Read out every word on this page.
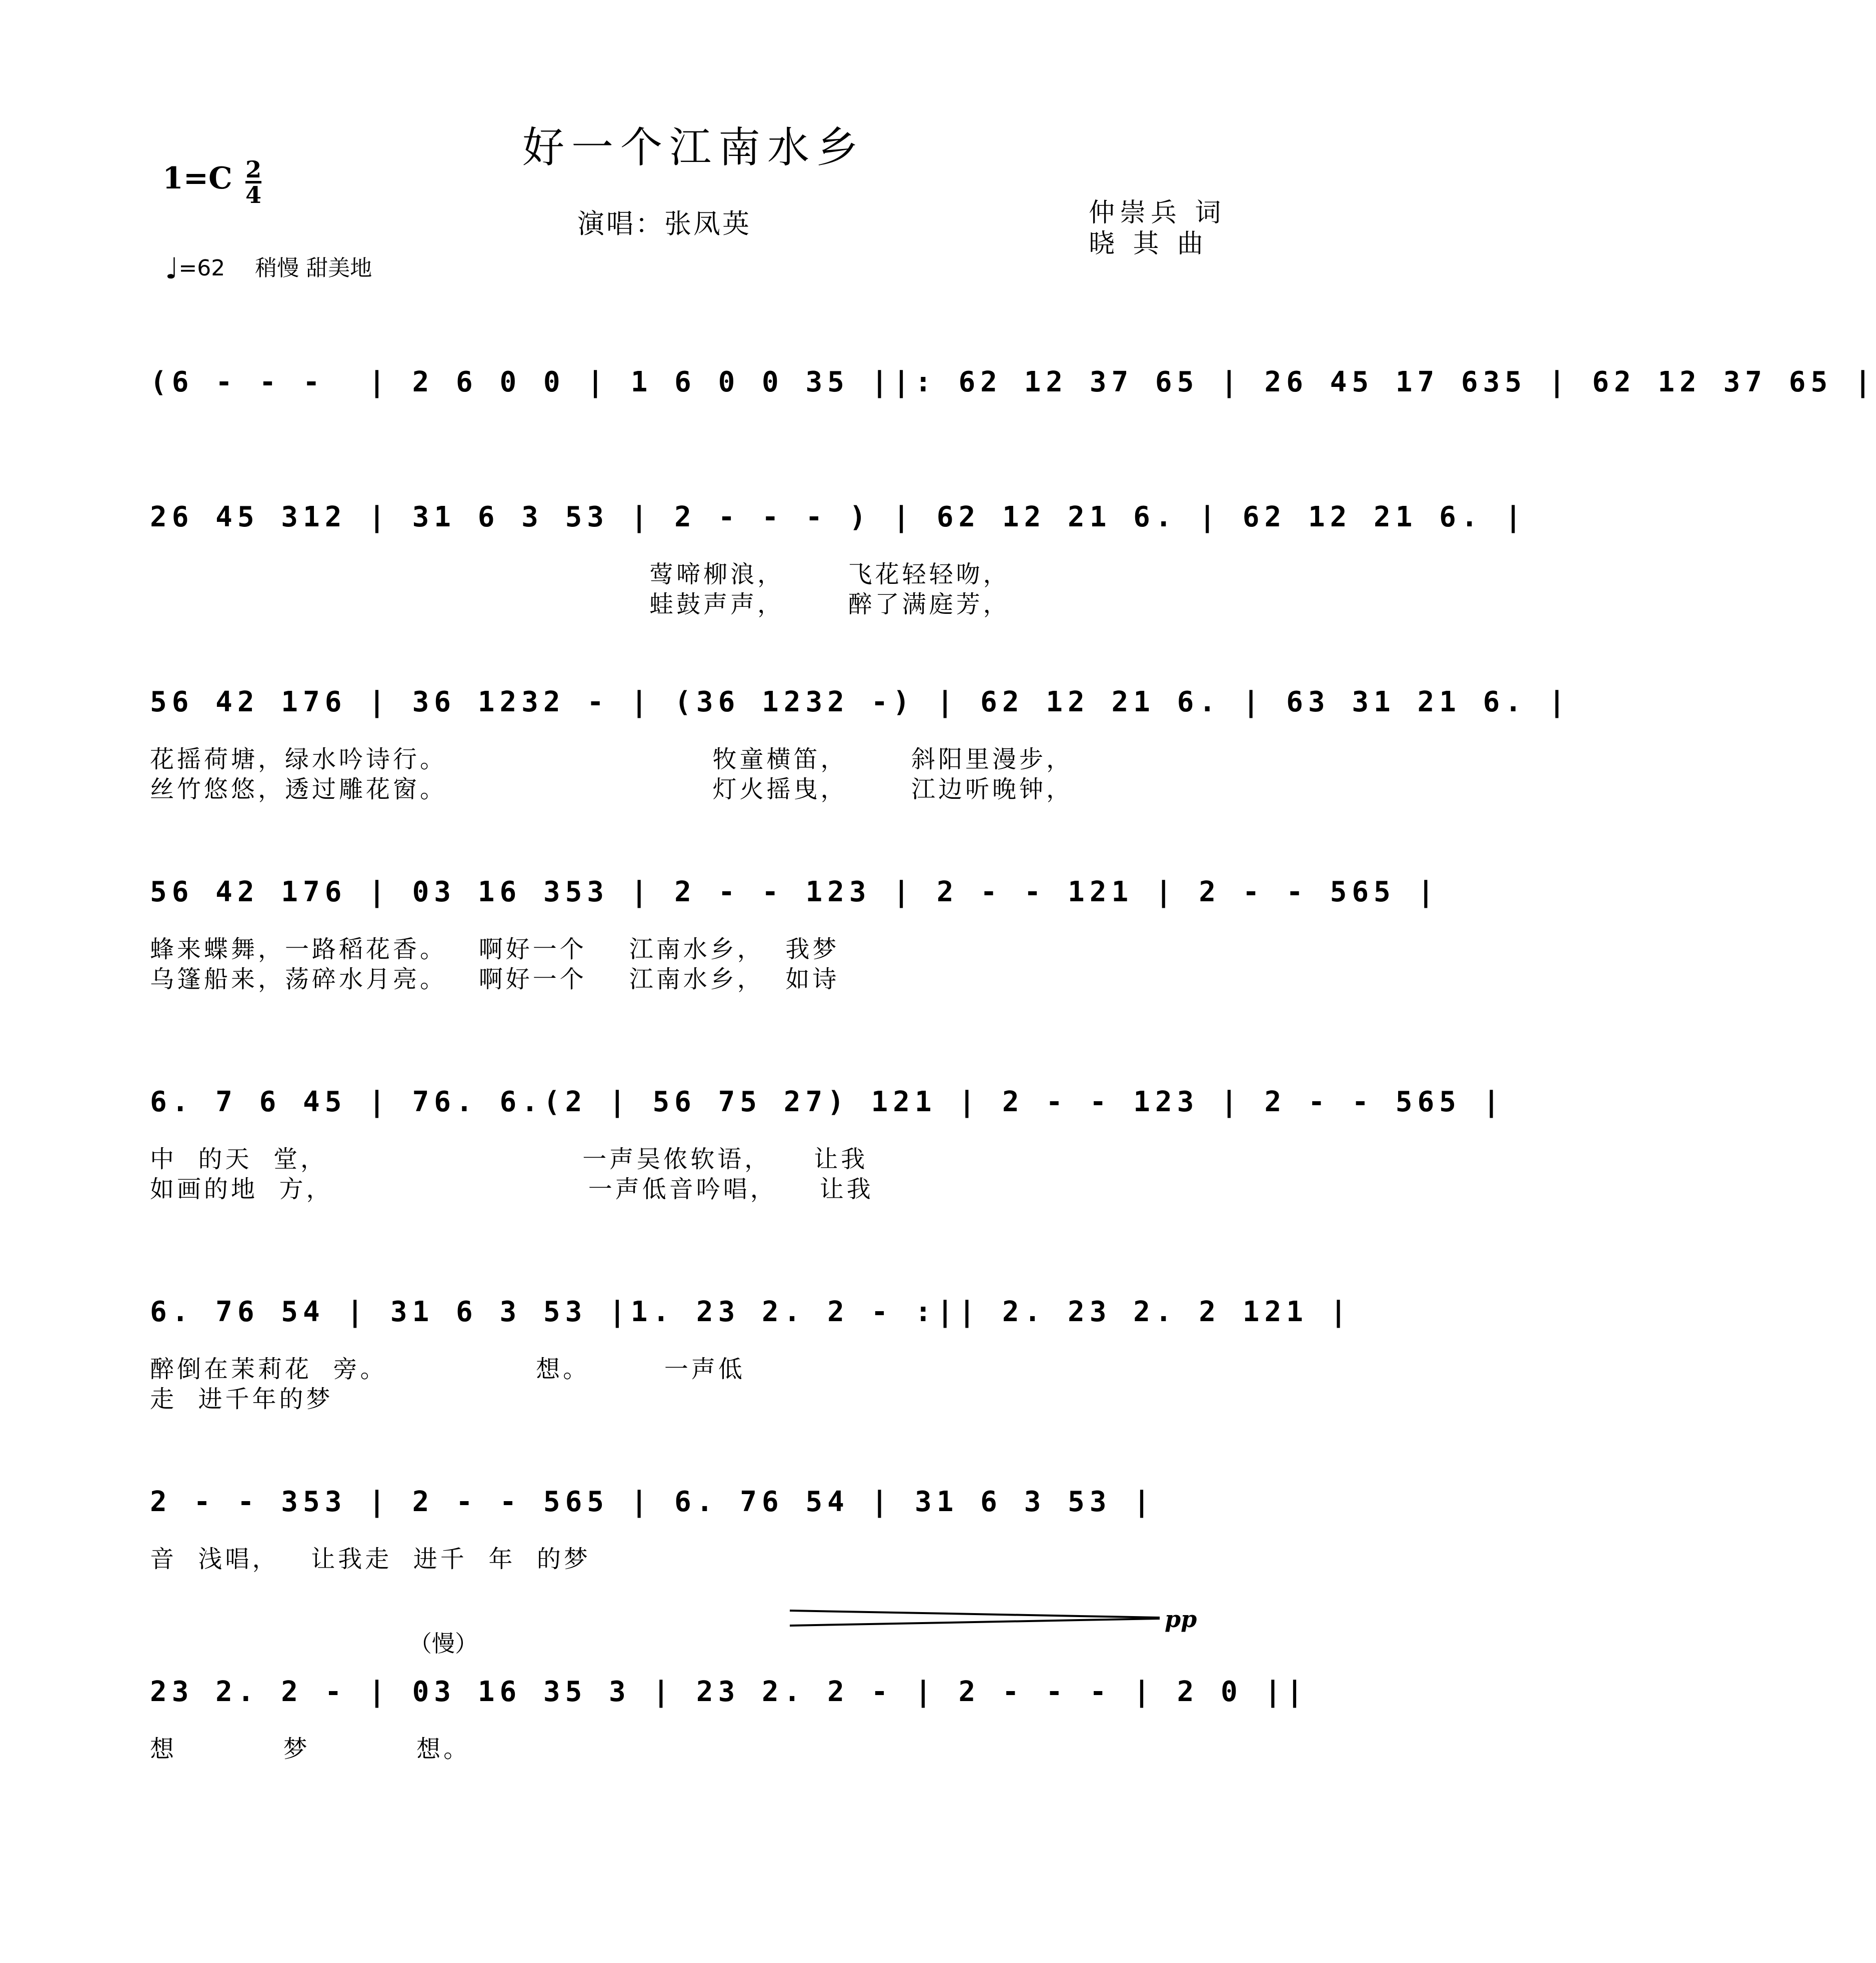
好一个江南水乡
1=C 2
4
演唱：张凤英	仲崇兵 词
晓 其 曲
♩=62 稍慢 甜美地
(6 - - -  | 2 6 0 0 | 1 6 0 0 35 ||: 62 12 37 65 | 26 45 17 635 | 62 12 37 65 |
26 45 312 | 31 6 3 53 | 2 - - - ) | 62 12 21 6. | 62 12 21 6. |
莺啼柳浪，      飞花轻轻吻，
蛙鼓声声，      醉了满庭芳，
56 42 176 | 36 1232 - | (36 1232 -) | 62 12 21 6. | 63 31 21 6. |
花摇荷塘，绿水吟诗行。                         牧童横笛，      斜阳里漫步，
丝竹悠悠，透过雕花窗。                         灯火摇曳，      江边听晚钟，
56 42 176 | 03 16 353 | 2 - - 123 | 2 - - 121 | 2 - - 565 |
蜂来蝶舞，一路稻花香。   啊好一个    江南水乡，  我梦
乌篷船来，荡碎水月亮。   啊好一个    江南水乡，  如诗
6. 7 6 45 | 76. 6.(2 | 56 75 27) 121 | 2 - - 123 | 2 - - 565 |
中  的天  堂，                        一声吴侬软语，    让我
如画的地  方，                        一声低音吟唱，    让我
6. 76 54 | 31 6 3 53 |1. 23 2. 2 - :|| 2. 23 2. 2 121 |
醉倒在茉莉花  旁。              想。       一声低
走  进千年的梦
2 - - 353 | 2 - - 565 | 6. 76 54 | 31 6 3 53 |
音  浅唱，   让我走  进千  年  的梦
（慢）
pp
23 2. 2 - | 03 16 35 3 | 23 2. 2 - | 2 - - - | 2 0 ||
想          梦          想。
